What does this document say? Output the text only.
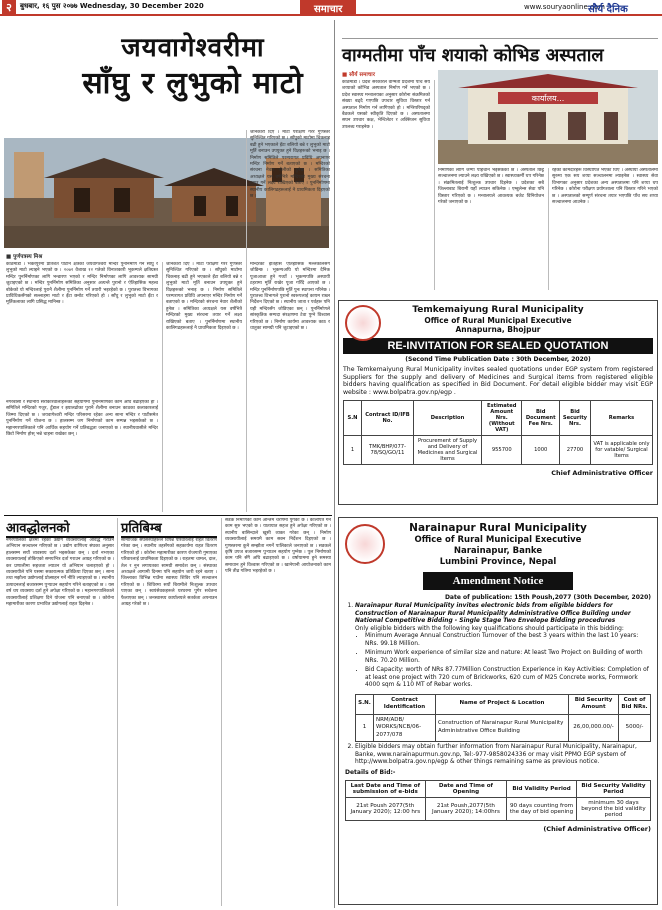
२	बुधबार, १६ पुस २०७७ Wednesday, 30 December 2020	समाचार	www.souryaonline.com
सौर्य दैनिक
जयवागेश्वरीमा
साँघु र लुभुको माटो
■ पुर्णपत्रस्य मिश्र
काठमाडौं । भक्तपुरमा प्रतिशत पाटनि क्षेत्रको जयवागेश्वरी मन्दिर पुनर्निर्माण गर्न साँघु र लुभुको माटो ल्याइने भएको छ । २०७२ वैशाख १२ गतेको विनाशकारी भूकम्पले क्षतिग्रस्त मन्दिर पुनर्निर्माणका लागि भन्डारण भएको र मन्दिर निर्माणका लागि आवश्यक सामग्री जुटाइएको छ । मन्दिर पुनर्निर्माण समितिका अनुसार अत्यन्तै पुरानो र ऐतिहासिक महत्त्व बोकेको यो मन्दिरलाई पुरानै शैलीमा पुनर्निर्माण गर्ने तयारी भइरहेको छ । पुरातत्त्व विभागका प्राविधिकसँगको सल्लाहमा माटो र इँटा छनोट गरिएको हो । साँघु र लुभुको माटो इँटा र मूर्तिकलाका लागि प्रसिद्ध मानिन्छ ।
नगरबासी र स्थानीय सरोकारवालाहरूको सहयोगमा पुनर्निर्माणको काम अघि बढाइएको हो । समितिले मन्दिरको गजुर, टुँडाल र झ्यालढोका पुरानै शैलीमा बनाउन काठका कलाकारलाई जिम्मा दिएको छ । जयवागेश्वरी मन्दिर परिसरमा रहेका अन्य साना मन्दिर र पाटीसमेत पुनर्निर्माण गर्ने योजना छ । हालसम्म जग निर्माणको काम सम्पन्न भइसकेको छ । महानगरपालिकाले पनि आर्थिक सहयोग गर्ने प्रतिबद्धता जनाएको छ । स्थानीयवासीले मन्दिर छिटो निर्माण होस् भन्ने चाहना राखेका छन् ।
जानकारी दिए । माटो परीक्षण गरेर गुणस्तर सुनिश्चित गरिएको छ । साँघुको माटोमा चिकनाइ बढी हुने भएकाले इँटा बलियो बन्ने र लुभुको माटो मूर्ति बनाउन उपयुक्त हुने विज्ञहरूको भनाइ छ । निर्माण समितिले परम्परागत प्रविधि अपनाएर मन्दिर निर्माण गर्ने बताएको छ । मन्दिरको संरचना नेवार शैलीको हुनेछ । समितिका अध्यक्षले यस वर्षभित्रै मन्दिरको मुख्य संरचना तयार गर्ने लक्ष्य राखिएको बताए । पुनर्निर्माणमा स्थानीय कालिगढहरूलाई नै प्राथमिकता दिइएको छ ।
जानकारी दिए । माटो परीक्षण गरेर गुणस्तर सुनिश्चित गरिएको छ । साँघुको माटोमा चिकनाइ बढी हुने भएकाले इँटा बलियो बन्ने र लुभुको माटो मूर्ति बनाउन उपयुक्त हुने विज्ञहरूको भनाइ छ । निर्माण समितिले परम्परागत प्रविधि अपनाएर मन्दिर निर्माण गर्ने बताएको छ । मन्दिरको संरचना नेवार शैलीको हुनेछ । समितिका अध्यक्षले यस वर्षभित्रै मन्दिरको मुख्य संरचना तयार गर्ने लक्ष्य राखिएको बताए । पुनर्निर्माणमा स्थानीय कालिगढहरूलाई नै प्राथमिकता दिइएको छ ।
मन्दिरको इतिहास ऐतिहासिक मल्लकालसँग जोडिन्छ । भूकम्पअघि यो मन्दिरमा दैनिक पूजाआजा हुने गर्थ्यो । भूकम्पपछि अस्थायी टहरामा मूर्ति राखेर पूजा गरिँदै आएको छ । मन्दिर पुनर्निर्माणपछि मूर्ति पुनः स्थापना गरिनेछ । पुरातत्त्व विभागले पुरानो स्वरूपलाई कायम राख्न निर्देशन दिएको छ । स्थानीय जात्रा र पर्वहरू पनि यही मन्दिरसँग जोडिएका छन् । पुनर्निर्माणले सांस्कृतिक सम्पदा संरक्षणमा टेवा पुग्ने विश्वास गरिएको छ । निर्माण कार्यमा आवश्यक काठ र धातुका सामग्री पनि जुटाइएको छ ।
वाग्मतीमा पाँच शयाको कोभिड अस्पताल
■ सौर्य समाचार
काठमाडौं । प्रदेश सरकारले वाग्मती प्रदेशमा पाँच सय शय्याको कोभिड अस्पताल निर्माण गर्ने भएको छ । प्रदेश स्वास्थ्य मन्त्रालयका अनुसार कोरोना संक्रमितको संख्या बढ्दै गएपछि उपचार सुविधा विस्तार गर्न अस्पताल निर्माण गर्न लागिएको हो । मन्त्रिपरिषद्को बैठकले यसको स्वीकृति दिएको छ । अस्पतालमा सघन उपचार कक्ष, भेन्टिलेटर र अक्सिजन सुविधा उपलब्ध गराइनेछ ।
कार्यालय...
निर्माणका लागि जग्गा पहिचान भइसकेको छ । अस्पताल छिट्टै सञ्चालनमा ल्याउने लक्ष्य राखिएको छ । स्वास्थ्यकर्मी थप गरिनेछ । संक्रमितलाई निःशुल्क उपचार दिइनेछ । प्रदेशका सबै जिल्लाबाट बिरामी यहाँ ल्याउन सकिनेछ । एम्बुलेन्स सेवा पनि विस्तार गरिएको छ । मन्त्रालयले आवश्यक बजेट विनियोजन गरेको जनाएको छ ।
रहेका कामदारहरू विस्थापित भएका थिए । अस्थायी अस्पतालमा सुरुमा एक सय शय्या सञ्चालनमा ल्याइनेछ । स्वास्थ्य सेवा विभागका अनुसार प्रदेशका अन्य अस्पतालमा पनि शय्या थप गरिनेछ । कोरोना परीक्षण प्रयोगशाला पनि विस्तार गरिने भएको छ । अस्पतालको सम्पूर्ण संरचना तयार भएपछि पाँच सय शय्या सञ्चालनमा आउनेछ ।
Temkemaiyung Rural Municipality
Office of Rural Municipal Executive
Annapurna, Bhojpur
RE-INVITATION FOR SEALED QUOTATION
(Second Time Publication Date : 30th December, 2020)
The Temkemaiyung Rural Municipality invites sealed quotations under EGP system from registered Suppliers for the supply and delivery of Medicines and Surgical items from registered eligible bidders having qualification as specified in Bid Document. For detail eligible bidder may visit EGP website : www.bolpatra.gov.np/egp .
S.N	Contract ID/IFB No.	Description	Estimated Amount Nrs. (Without VAT)	Bid Document Fee Nrs.	Bid Security Nrs.	Remarks
1	TMK/BHP/077-78/SQ/GO/11	Procurement of Supply and Delivery of Medicines and Surgical Items	955700	1000	27700	VAT is applicable only for vatable/ Surgical Items
Chief Administrative Officer
आवद्धोलनको
नगरपालिका क्षेत्रमा रहेका उद्योग व्यवसायलाई आवद्ध गराउने अभियान सञ्चालन गरिएको छ । उद्योग वाणिज्य संघका अनुसार हालसम्म सयौं व्यवसाय दर्ता भइसकेका छन् । दर्ता नभएका व्यवसायलाई तोकिएको समयभित्र दर्ता गराउन आग्रह गरिएको छ । कर प्रणालीमा सहजता ल्याउन यो अभियान चलाइएको हो । व्यवसायीले पनि यसमा सकारात्मक प्रतिक्रिया दिएका छन् । साना तथा मझौला उद्योगलाई प्रोत्साहन गर्ने नीति ल्याइएको छ । स्थानीय उत्पादनलाई बजारसम्म पुर्‍याउन सहयोग गरिने बताइएको छ । यस वर्ष थप व्यवसाय दर्ता हुने अपेक्षा गरिएको छ । महानगरपालिकाले व्यवसायीलाई प्रशिक्षण दिने योजना पनि बनाएको छ । कोरोना महामारीका कारण प्रभावित उद्योगलाई राहत दिइनेछ ।
प्रतिबिम्ब
सामाजिक संघसंस्थाहरूले विपन्न परिवारलाई राहत वितरण गरेका छन् । स्थानीय तहसँगको सहकार्यमा राहत वितरण गरिएको हो । कोरोना महामारीका कारण रोजगारी गुमाएका परिवारलाई प्राथमिकता दिइएको छ । राहतमा चामल, दाल, तेल र नुन लगायतका सामग्री समावेश छन् । संस्थाका अध्यक्षले आगामी दिनमा पनि सहयोग जारी रहने बताए । जिल्लाका विभिन्न गाउँमा स्वास्थ्य शिविर पनि सञ्चालन गरिएको छ । शिविरमा सयौं बिरामीले निःशुल्क उपचार पाएका छन् । स्वयंसेवकहरूले घरघरमा पुगेर सचेतना फैलाएका छन् । जनस्वास्थ्य कार्यालयले सतर्कता अपनाउन आग्रह गरेको छ ।
सडक निर्माणको काम अन्तिम चरणमा पुगेको छ । कालोपत्रे गर्ने काम सुरु भएको छ । यातायात सहज हुने अपेक्षा गरिएको छ । स्थानीय बासिन्दाले खुसी व्यक्त गरेका छन् । निर्माण व्यवसायीलाई समयमै काम सक्न निर्देशन दिइएको छ । गुणस्तरमा कुनै सम्झौता नगर्ने पालिकाले जनाएको छ । सडकले कृषि उपज बजारसम्म पुर्‍याउन सहयोग पुग्नेछ । पुल निर्माणको काम पनि सँगै अघि बढाइएको छ । वर्षायाममा हुने समस्या समाधान हुने विश्वास गरिएको छ । खानेपानी आयोजनाको काम पनि तीव्र गतिमा भइरहेको छ ।
Narainapur Rural Municipality
Office of Rural Municipal Executive
Narainapur, Banke
Lumbini Province, Nepal
Amendment Notice
Date of publication: 15th Poush,2077 (30th December, 2020)
1. Narainapur Rural Municipality invites electronic bids from eligible bidders for Construction of Narainapur Rural Municipality Administrative Office Building under National Competitive Bidding - Single Stage Two Envelope Bidding procedures
Only eligible bidders with the following key qualifications should participate in this bidding:
• Minimum Average Annual Construction Turnover of the best 3 years within the last 10 years: NRs. 99.18 Million.
• Minimum Work experience of similar size and nature: At least Two Project on Building of worth NRs. 70.20 Million.
• Bid Capacity: worth of NRs 87.77Million Construction Experience in Key Activities: Completion of at least one project with 720 cum of Brickworks, 620 cum of M25 Concrete works, Formwork 4000 sqm & 110 MT of Rebar works.
S.N.	Contract Identification	Name of Project & Location	Bid Security Amount	Cost of Bid NRs.
1	NRM/ADB/ WORKS/NCB/06-2077/078	Construction of Narainapur Rural Municipality Administrative Office Building	26,00,000.00/-	5000/-
2. Eligible bidders may obtain further information from Narainapur Rural Municipality, Narainapur, Banke, www.narainapurmun.gov.np, Tel:-977-9858024336 or may visit PPMO EGP system of http://www.bolpatra.gov.np/egp & other things remaining same as previous notice.
Details of Bid:-
Last Date and Time of submission of e-bids	Date and Time of Opening	Bid Validity Period	Bid Security Validity Period
21st Poush 2077(5th January 2020); 12:00 hrs	21st Poush,2077(5th January 2020); 14:00hrs	90 days counting from the day of bid opening	minimum 30 days beyond the bid validity period
(Chief Administrative Officer)
